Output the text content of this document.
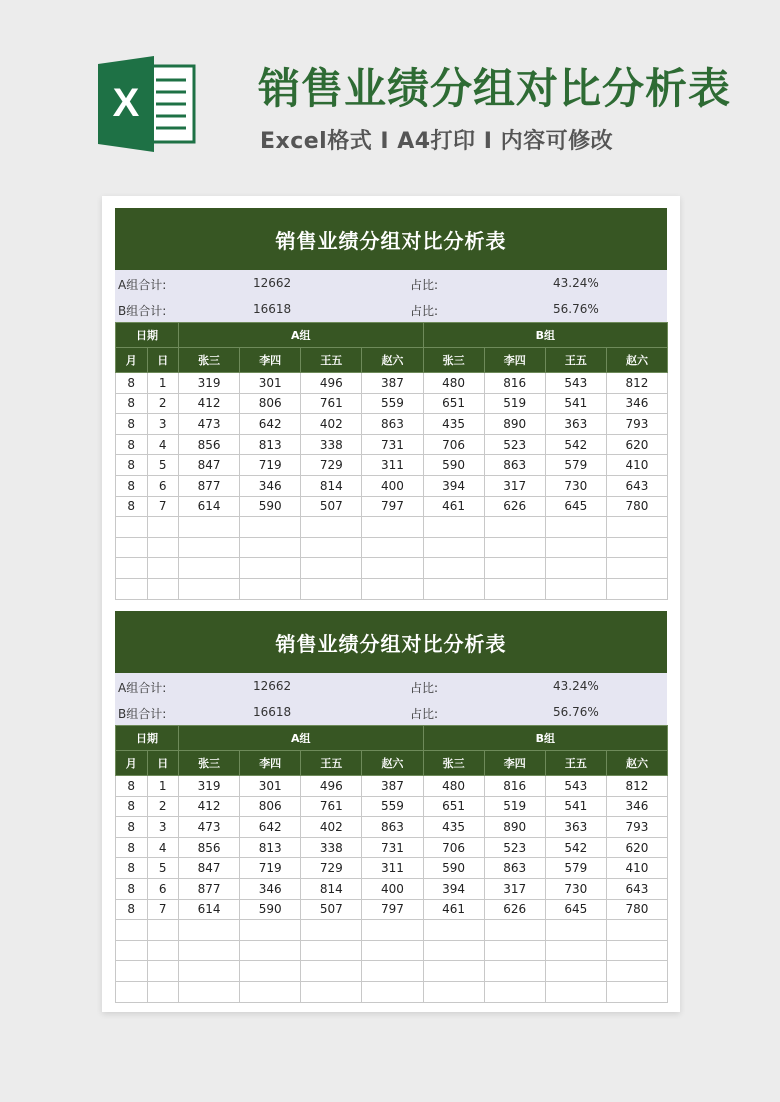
X	销售业绩分组对比分析表
Excel格式 I A4打印 I 内容可修改
销售业绩分组对比分析表
A组合计:	12662	占比:	43.24%
B组合计:	16618	占比:	56.76%
日期		A组				B组			
月	日	张三	李四	王五	赵六	张三	李四	王五	赵六
8	1	319	301	496	387	480	816	543	812
8	2	412	806	761	559	651	519	541	346
8	3	473	642	402	863	435	890	363	793
8	4	856	813	338	731	706	523	542	620
8	5	847	719	729	311	590	863	579	410
8	6	877	346	814	400	394	317	730	643
8	7	614	590	507	797	461	626	645	780

销售业绩分组对比分析表
A组合计:	12662	占比:	43.24%
B组合计:	16618	占比:	56.76%
日期		A组				B组			
月	日	张三	李四	王五	赵六	张三	李四	王五	赵六
8	1	319	301	496	387	480	816	543	812
8	2	412	806	761	559	651	519	541	346
8	3	473	642	402	863	435	890	363	793
8	4	856	813	338	731	706	523	542	620
8	5	847	719	729	311	590	863	579	410
8	6	877	346	814	400	394	317	730	643
8	7	614	590	507	797	461	626	645	780
